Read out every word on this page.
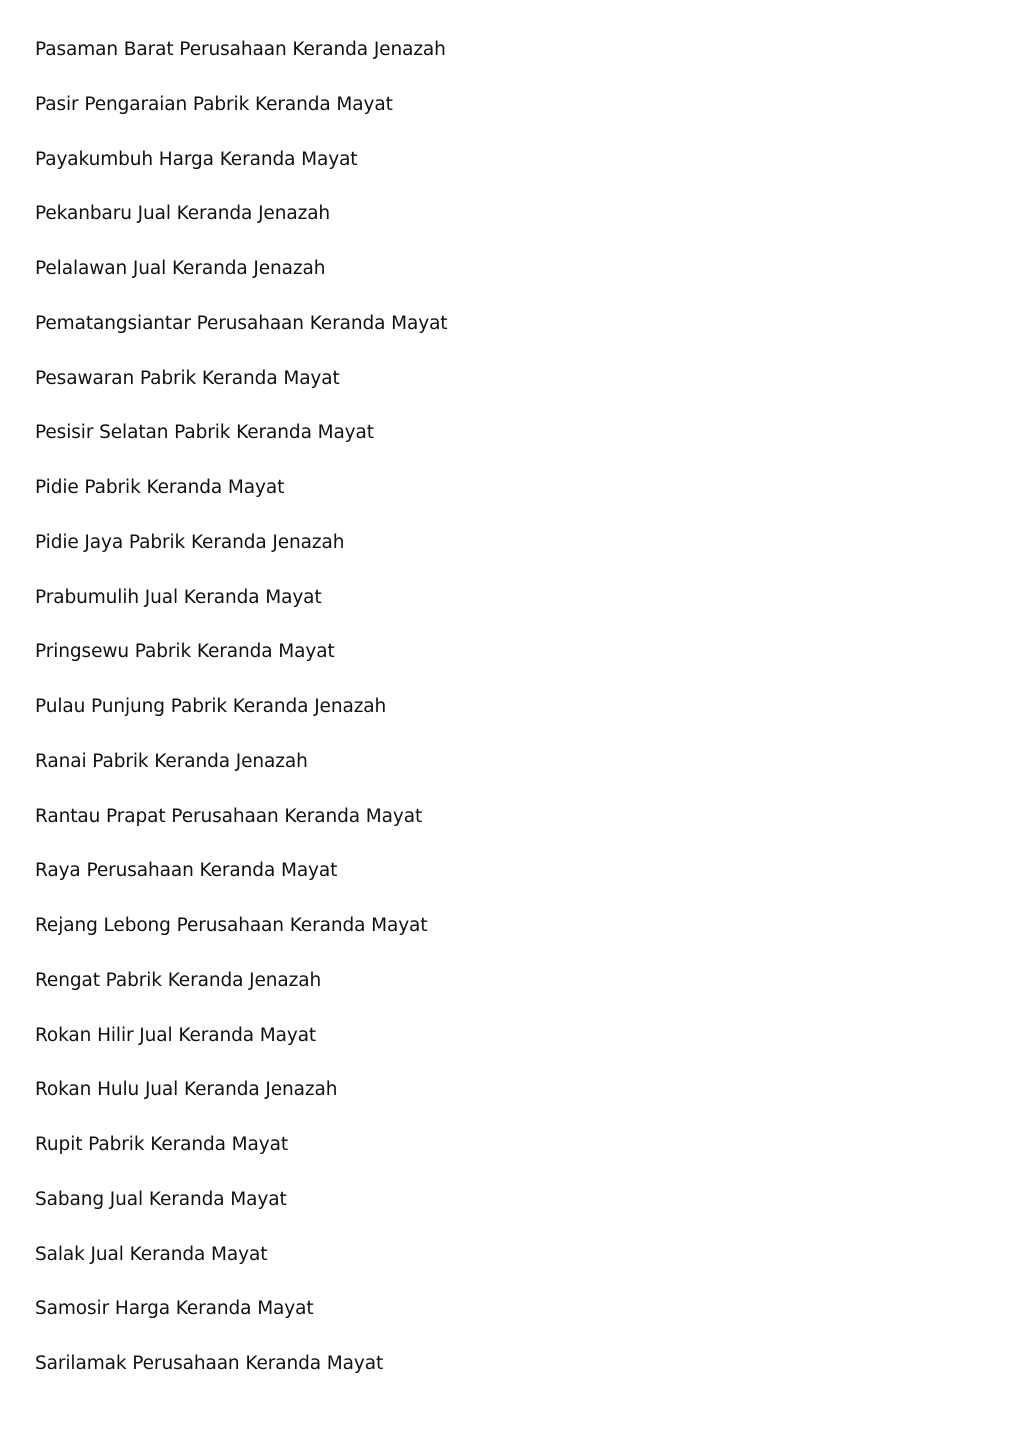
Pasaman Barat Perusahaan Keranda Jenazah
Pasir Pengaraian Pabrik Keranda Mayat
Payakumbuh Harga Keranda Mayat
Pekanbaru Jual Keranda Jenazah
Pelalawan Jual Keranda Jenazah
Pematangsiantar Perusahaan Keranda Mayat
Pesawaran Pabrik Keranda Mayat
Pesisir Selatan Pabrik Keranda Mayat
Pidie Pabrik Keranda Mayat
Pidie Jaya Pabrik Keranda Jenazah
Prabumulih Jual Keranda Mayat
Pringsewu Pabrik Keranda Mayat
Pulau Punjung Pabrik Keranda Jenazah
Ranai Pabrik Keranda Jenazah
Rantau Prapat Perusahaan Keranda Mayat
Raya Perusahaan Keranda Mayat
Rejang Lebong Perusahaan Keranda Mayat
Rengat Pabrik Keranda Jenazah
Rokan Hilir Jual Keranda Mayat
Rokan Hulu Jual Keranda Jenazah
Rupit Pabrik Keranda Mayat
Sabang Jual Keranda Mayat
Salak Jual Keranda Mayat
Samosir Harga Keranda Mayat
Sarilamak Perusahaan Keranda Mayat
